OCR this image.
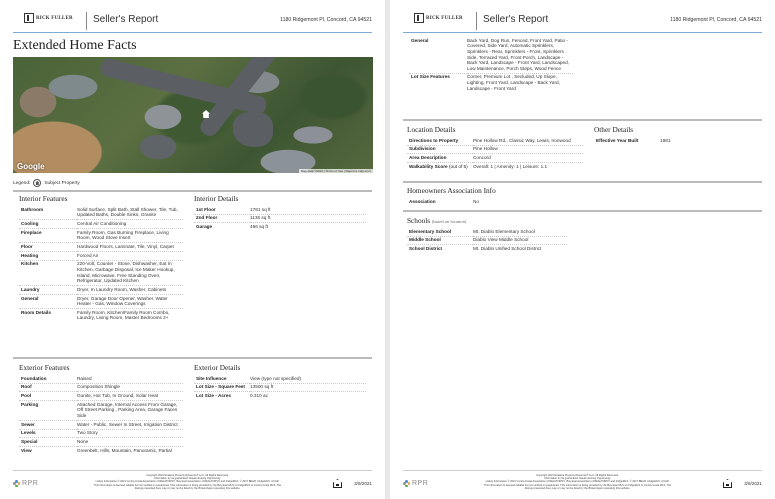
RICK FULLER Seller's Report	1180 Ridgemont Pl, Concord, CA 94521
Extended Home Facts
Google	Map data ©2021 | Terms of Use | Report a map error
Legend:	Subject Property
Interior Features
Bathroom	Solid Surface, Split Bath, Stall Shower, Tile, Tub, Updated Baths, Double Sinks, Granite
Cooling	Central Air Conditioning
Fireplace	Family Room, Gas Burning Fireplace, Living Room, Wood Stove Insert
Floor	Hardwood Floors, Laminate, Tile, Vinyl, Carpet
Heating	Forced Air
Kitchen	220-Volt, Counter - Stone, Dishwasher, Eat In Kitchen, Garbage Disposal, Ice Maker Hookup, Island, Microwave, Free Standing Oven, Refrigerator, Updated Kitchen
Laundry	Dryer, In Laundry Room, Washer, Cabinets
General	Dryer, Garage Door Opener, Washer, Water Heater - Gas, Window Coverings
Room Details	Family Room, Kitchen/Family Room Combo, Laundry, Living Room, Master Bedrooms 2+
Interior Details
1st Floor	1781 sq ft
2nd Floor	1136 sq ft
Garage	466 sq ft
Exterior Features
Foundation	Raised
Roof	Composition Shingle
Pool	Gunite, Hot Tub, In Ground, Solar Heat
Parking	Attached Garage, Internal Access From Garage, Off Street Parking , Parking Area, Garage Faces Side
Sewer	Water - Public, Sewer In Street, Irrigation District
Levels	Two Story
Special	None
View	Greenbelt, Hills, Mountain, Panoramic, Partial
Exterior Details
Site Influence	View (type not specified)
Lot Size - Square Feet	13500 sq ft
Lot Size - Acres	0.310 ac
RPR
Copyright 2021 Realtors Property Resource® LLC. All Rights Reserved.
Information is not guaranteed. Equal Housing Opportunity.
Listing Information © 2021 Contra Costa Association of REALTORS®, Bay East Association of REALTORS® and bridgeMLS. © 2017 BEAR, bridgeMLS, CCAR.
This information is deemed reliable but not verified or guaranteed. This information is being provided by the Bay East MLS or bridgeMLS or Contra Costa MLS. The
listings presented here may or may not be listed by the Broker/Agent operating this website.
3/9/2021
RICK FULLER Seller's Report	1180 Ridgemont Pl, Concord, CA 94521
General	Back Yard, Dog Run, Fenced, Front Yard, Patio - Covered, Side Yard, Automatic Sprinklers, Sprinklers - Rear, Sprinklers - Front, Sprinklers Side, Terraced Yard, Front Porch, Landscape - Back Yard, Landscape - Front Yard, Landscaped, Low Maintenance, Porch Steps, Wood Fence
Lot Size Features	Corner, Premium Lot , Secluded, Up Slope, Lighting, Front Yard, Landscape - Back Yard, Landscape - Front Yard
Location Details
Directions to Property	Pine Hollow Rd., Classic Way, Lewis, Ironwood
Subdivision	Pine Hollow
Area Description	Concord
Walkability Score (out of 5)	Overall: 1 | Amenity: 1 | Leisure: 1.1
Other Details
Effective Year Built	1981
Homeowners Association Info
Association	No
Schools (based on location)
Elementary School	Mt. Diablo Elementary School
Middle School	Diablo View Middle School
School District	Mt. Diablo Unified School District
RPR
Copyright 2021 Realtors Property Resource® LLC. All Rights Reserved.
Information is not guaranteed. Equal Housing Opportunity.
Listing Information © 2021 Contra Costa Association of REALTORS®, Bay East Association of REALTORS® and bridgeMLS. © 2017 BEAR, bridgeMLS, CCAR.
This information is deemed reliable but not verified or guaranteed. This information is being provided by the Bay East MLS or bridgeMLS or Contra Costa MLS. The
listings presented here may or may not be listed by the Broker/Agent operating this website.
3/9/2021
